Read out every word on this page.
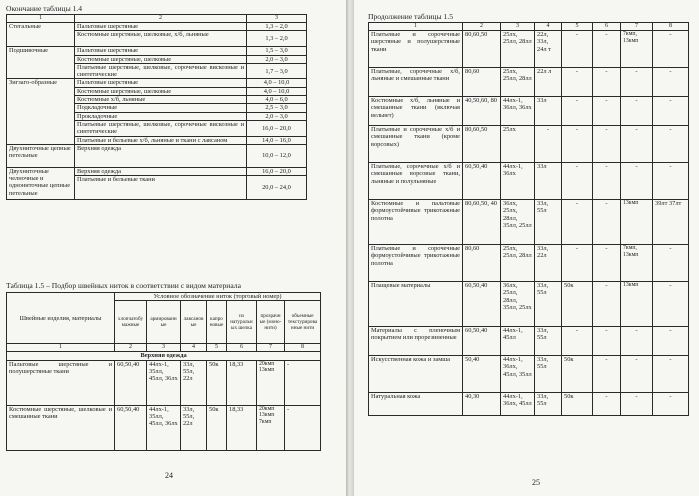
Окончание таблицы 1.4
1	2	3
Стегальные	Пальтовые шерстяные	1,3 – 2,0
	Костюмные шерстяные, шелковые, х/б, льняные	1,3 – 2,0
Подшивочные	Пальтовые шерстяные	1,5 – 3,0
	Костюмные шерстяные, шелковые	2,0 – 3,0
	Платьевые шерстяные, шелковые, сорочечные вискозные и синтетические	1,7 – 3,0
Зигзаго-образные	Пальтовые шерстяные	4,0 – 10,0
	Костюмные шерстяные, шелковые	4,0 – 10,0
	Костюмные х/б, льняные	4,0 – 6,0
	Подкладочные	2,5 – 3,0
	Прокладочные	2,0 – 3,0
	Платьевые шерстяные, шелковые, сорочечные вискозные и синтетические	16,0 – 20,0
	Платьевые и бельевые х/б, льняные и ткани с лавсаном	14,0 – 16,0
Двухниточные цепные петельные	Верхняя одежда	10,0 – 12,0
Двухниточные челночные и однониточные цепные петельные	Верхняя одежда	16,0 – 20,0
	Платьевые и бельевые ткани	20,0 – 24,0
Таблица 1.5 – Подбор швейных ниток в соответствии с видом материала
Швейные изделия, материалы	Условное обозначение ниток (торговый номер)						
	хлопчатобумажные	армированные	лавсановые	капроновые	из натуральных шелка	прозрачные (моно-нити)	объемные текстурированные нити
1	2	3	4	5	6	7	8
Верхняя одежда							
Пальтовые шерстяные и полушерстяные ткани	60,50,40	44лх-1, 35лл, 45лл, 36лх	33л, 55л, 22л	50к	18,33	20кмп 13кмп	-
Костюмные шерстяные, шелковые и смешанные ткани	60,50,40	44лх-1, 35лл, 45лл, 36лх	33л, 55л, 22л	50к	18,33	20кмп 13кмп 7кмп	-
24
Продолжение таблицы 1.5
1	2	3	4	5	6	7	8
Платьевые и сорочечные шерстяные и полушерстяные ткани	80,60,50	25лх, 25лл, 28лл	22л, 33л, 24л т	-	-	7кмп, 13кмп	-
Платьевые, сорочечные х/б, льняные и смешанные ткани	80,60	25лх, 25лл, 28лл	22л л	-	-	-	-
Костюмные х/б, льняные и смешанные ткани (включая вельвет)	40,50,60, 80	44лх-1, 36лл, 36лх	33л	-	-	-	-
Платьевые и сорочечные х/б и смешанные ткани (кроме ворсовых)	80,60,50	25лх	-	-	-	-	-
Платьевые, сорочечные х/б и смешанные ворсовые ткани, льняные и полульняные	60,50,40	44лх-1, 36лх	33л	-	-	-	-
Костюмные и пальтовые формоустойчивые трикотажные полотна	80,60,50, 40	36лх, 25лх, 28лл, 35лл, 25лл	33л, 55л	-	-	13кмп	39лт 37лт
Платьевые и сорочечные формоустойчивые трикотажные полотна	80,60	25лх, 25лл, 28лл	33л, 22л	-	-	7кмп, 13кмп	-
Плащевые материалы	60,50,40	36лх, 25лл, 28лл, 35лл, 25лх	33л, 55л	50к	-	13кмп	-
Материалы с пленочным покрытием или прорезиненные	60,50,40	44лх-1, 45лл	33л, 55л	-	-	-	-
Искусственная кожа и замша	50,40	44лх-1, 36лх, 45лл, 35лл	33л, 55л	50к	-	-	-
Натуральная кожа	40,30	44лх-1, 36лх, 45лл	33л, 55л	50к	-	-	-
25
